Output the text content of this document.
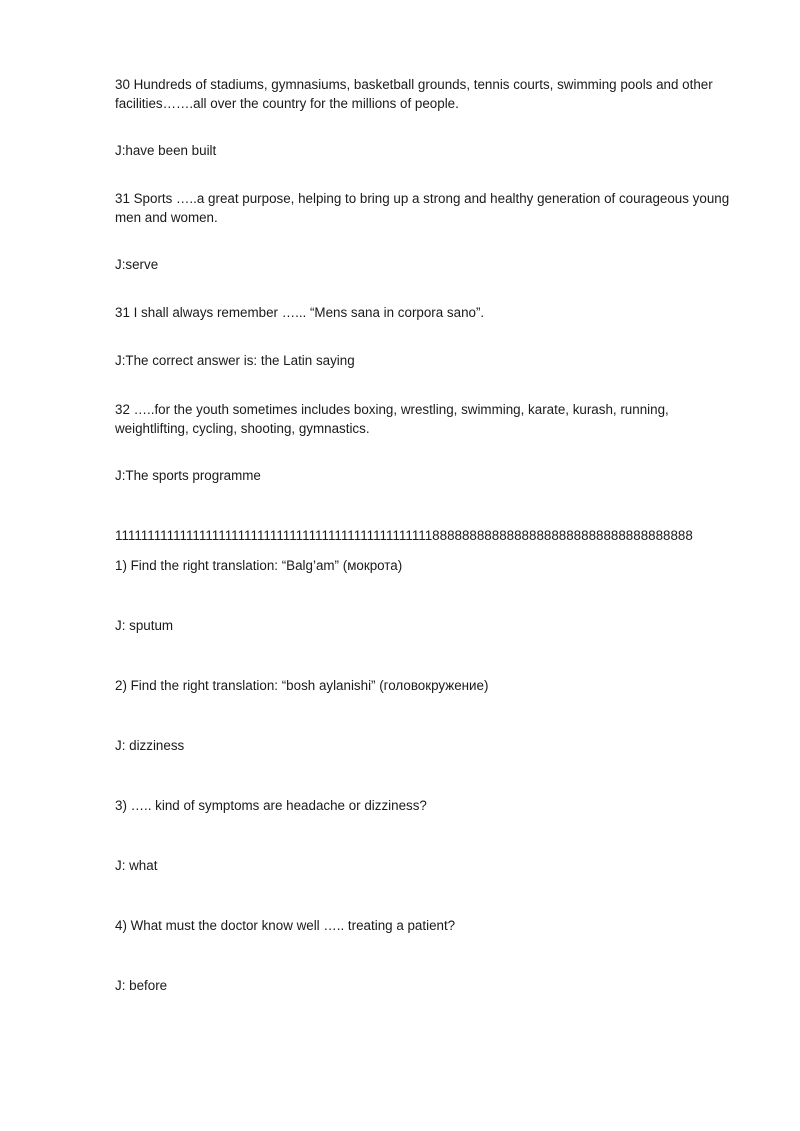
30 Hundreds of stadiums, gymnasiums, basketball grounds, tennis courts, swimming pools and other facilities…….all over the country for the millions of people.
J:have been built
31 Sports …..a great purpose, helping to bring up a strong and healthy generation of courageous young men and women.
J:serve
31 I shall always remember …... “Mens sana in corpora sano”.
J:The correct answer is: the Latin saying
32 …..for the youth sometimes includes boxing, wrestling, swimming, karate, kurash, running, weightlifting, cycling, shooting, gymnastics.
J:The sports programme
111111111111111111111111111111111111111111111111188888888888888888888888888888888888
1) Find the right translation: “Balg’am” (мокрота)
J: sputum
2) Find the right translation: “bosh aylanishi” (головокружение)
J: dizziness
3) ….. kind of symptoms are headache or dizziness?
J: what
4) What must the doctor know well ….. treating a patient?
J: before
